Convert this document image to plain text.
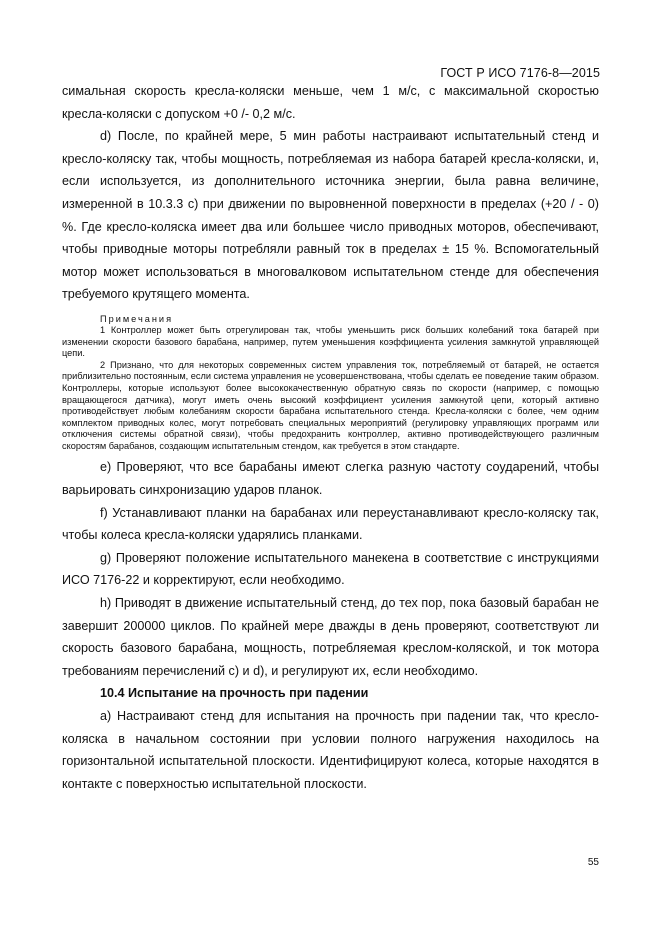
ГОСТ Р ИСО 7176-8—2015

симальная скорость кресла-коляски меньше, чем 1 м/с, с максимальной скоростью кресла-коляски с допуском +0 /- 0,2 м/с.

d) После, по крайней мере, 5 мин работы настраивают испытательный стенд и кресло-коляску так, чтобы мощность, потребляемая из набора батарей кресла-коляски, и, если используется, из дополнительного источника энергии, была равна величине, измеренной в 10.3.3 c) при движении по выровненной поверхности в пределах (+20 / - 0) %. Где кресло-коляска имеет два или большее число приводных моторов, обеспечивают, чтобы приводные моторы потребляли равный ток в пределах ± 15 %. Вспомогательный мотор может использоваться в многовалковом испытательном стенде для обеспечения требуемого крутящего момента.

Примечания

1 Контроллер может быть отрегулирован так, чтобы уменьшить риск больших колебаний тока батарей при изменении скорости базового барабана, например, путем уменьшения коэффициента усиления замкнутой управляющей цепи.

2 Признано, что для некоторых современных систем управления ток, потребляемый от батарей, не остается приблизительно постоянным, если система управления не усовершенствована, чтобы сделать ее поведение таким образом. Контроллеры, которые используют более высококачественную обратную связь по скорости (например, с помощью вращающегося датчика), могут иметь очень высокий коэффициент усиления замкнутой цепи, который активно противодействует любым колебаниям скорости барабана испытательного стенда. Кресла-коляски с более, чем одним комплектом приводных колес, могут потребовать специальных мероприятий (регулировку управляющих программ или отключения системы обратной связи), чтобы предохранить контроллер, активно противодействующего различным скоростям барабанов, создающим испытательным стендом, как требуется в этом стандарте.

e) Проверяют, что все барабаны имеют слегка разную частоту соударений, чтобы варьировать синхронизацию ударов планок.

f) Устанавливают планки на барабанах или переустанавливают кресло-коляску так, чтобы колеса кресла-коляски ударялись планками.

g) Проверяют положение испытательного манекена в соответствие с инструкциями ИСО 7176-22 и корректируют, если необходимо.

h) Приводят в движение испытательный стенд, до тех пор, пока базовый барабан не завершит 200000 циклов. По крайней мере дважды в день проверяют, соответствуют ли скорость базового барабана, мощность, потребляемая креслом-коляской, и ток мотора требованиям перечислений c) и d), и регулируют их, если необходимо.

10.4 Испытание на прочность при падении

a) Настраивают стенд для испытания на прочность при падении так, что кресло-коляска в начальном состоянии при условии полного нагружения находилось на горизонтальной испытательной плоскости. Идентифицируют колеса, которые находятся в контакте с поверхностью испытательной плоскости.

55
